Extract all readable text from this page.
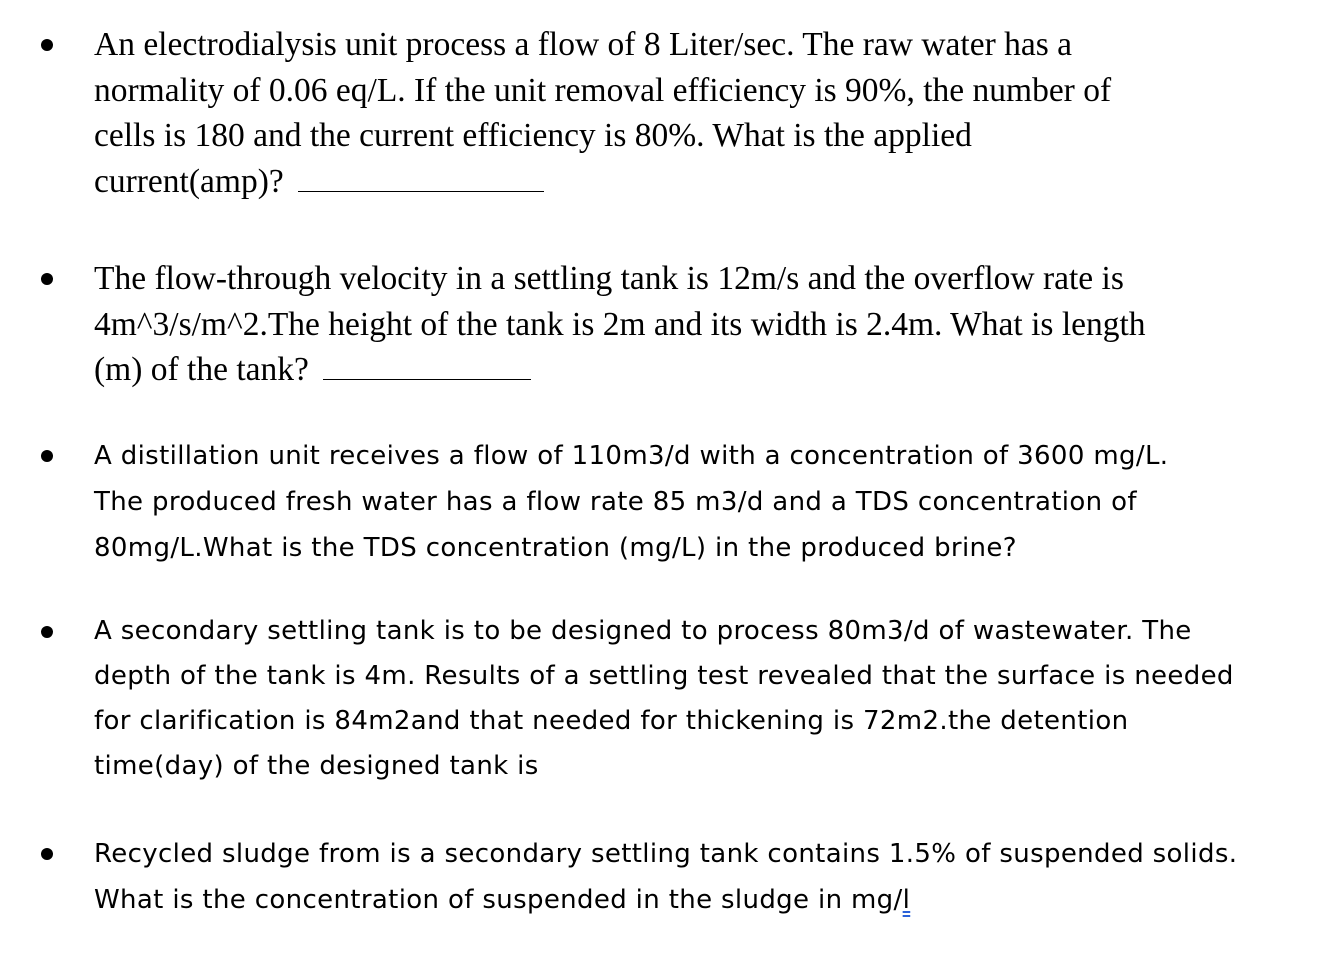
An electrodialysis unit process a flow of 8 Liter/sec. The raw water has a
normality of 0.06 eq/L. If the unit removal efficiency is 90%, the number of
cells is 180 and the current efficiency is 80%. What is the applied
current(amp)?
The flow-through velocity in a settling tank is 12m/s and the overflow rate is
4m^3/s/m^2.The height of the tank is 2m and its width is 2.4m. What is length
(m) of the tank?
A distillation unit receives a flow of 110m3/d with a concentration of 3600 mg/L.
The produced fresh water has a flow rate 85 m3/d and a TDS concentration of
80mg/L.What is the TDS concentration (mg/L) in the produced brine?
A secondary settling tank is to be designed to process 80m3/d of wastewater. The
depth of the tank is 4m. Results of a settling test revealed that the surface is needed
for clarification is 84m2and that needed for thickening is 72m2.the detention
time(day) of the designed tank is
Recycled sludge from is a secondary settling tank contains 1.5% of suspended solids.
What is the concentration of suspended in the sludge in mg/l
